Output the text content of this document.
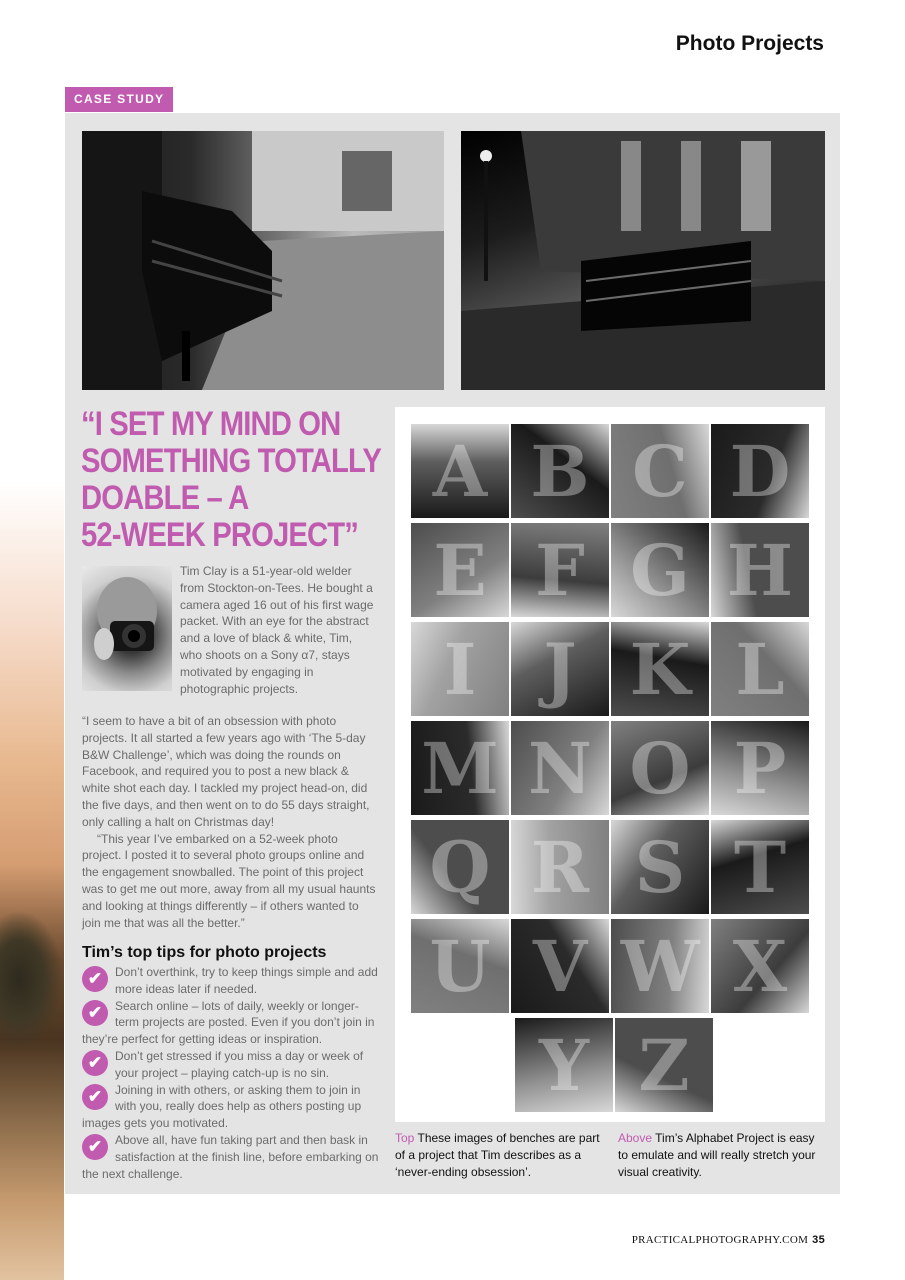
Photo Projects
CASE STUDY
“I SET MY MIND ON
SOMETHING TOTALLY
DOABLE – A
52-WEEK PROJECT”
Tim Clay is a 51-year-old welder from Stockton-on-Tees. He bought a camera aged 16 out of his first wage packet. With an eye for the abstract and a love of black & white, Tim, who shoots on a Sony α7, stays motivated by engaging in photographic projects.

“I seem to have a bit of an obsession with photo projects. It all started a few years ago with ‘The 5-day B&W Challenge’, which was doing the rounds on Facebook, and required you to post a new black & white shot each day. I tackled my project head-on, did the five days, and then went on to do 55 days straight, only calling a halt on Christmas day!

“This year I’ve embarked on a 52-week photo project. I posted it to several photo groups online and the engagement snowballed. The point of this project was to get me out more, away from all my usual haunts and looking at things differently – if others wanted to join me that was all the better.”

Tim’s top tips for photo projects
✔	Don’t overthink, try to keep things simple and add more ideas later if needed.
✔	Search online – lots of daily, weekly or longer-term projects are posted. Even if you don’t join in they’re perfect for getting ideas or inspiration.
✔	Don’t get stressed if you miss a day or week of your project – playing catch-up is no sin.
✔	Joining in with others, or asking them to join in with you, really does help as others posting up images gets you motivated.
✔	Above all, have fun taking part and then bask in satisfaction at the finish line, before embarking on the next challenge.
A B C D
E F G H
I J K L
M N O P
Q R S T
U V W X
Y Z
Top These images of benches are part of a project that Tim describes as a ‘never-ending obsession’.
Above Tim’s Alphabet Project is easy to emulate and will really stretch your visual creativity.
PRACTICALPHOTOGRAPHY.COM 35
